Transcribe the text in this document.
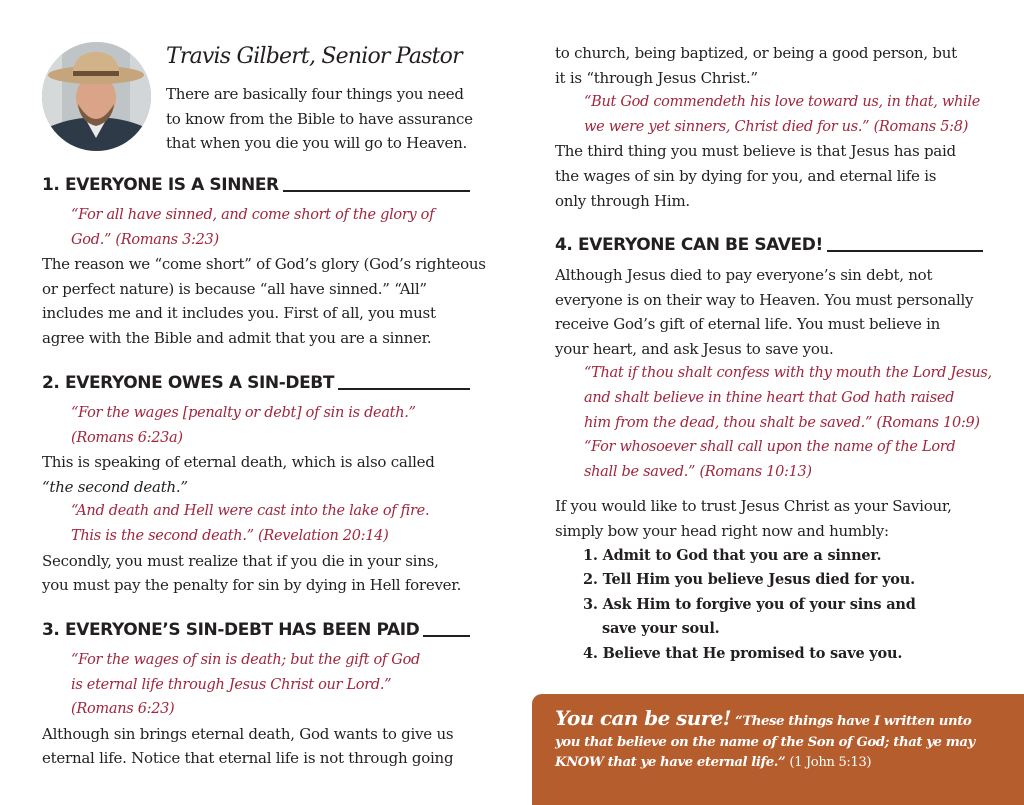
Travis Gilbert, Senior Pastor
There are basically four things you need
to know from the Bible to have assurance
that when you die you will go to Heaven.
1. EVERYONE IS A SINNER
“For all have sinned, and come short of the glory of
God.” (Romans 3:23)
The reason we “come short” of God’s glory (God’s righteous
or perfect nature) is because “all have sinned.” “All”
includes me and it includes you. First of all, you must
agree with the Bible and admit that you are a sinner.
2. EVERYONE OWES A SIN-DEBT
“For the wages [penalty or debt] of sin is death.”
(Romans 6:23a)
This is speaking of eternal death, which is also called
“the second death.”
“And death and Hell were cast into the lake of fire.
This is the second death.” (Revelation 20:14)
Secondly, you must realize that if you die in your sins,
you must pay the penalty for sin by dying in Hell forever.
3. EVERYONE’S SIN-DEBT HAS BEEN PAID
“For the wages of sin is death; but the gift of God
is eternal life through Jesus Christ our Lord.”
(Romans 6:23)
Although sin brings eternal death, God wants to give us
eternal life. Notice that eternal life is not through going
to church, being baptized, or being a good person, but
it is “through Jesus Christ.”
“But God commendeth his love toward us, in that, while
we were yet sinners, Christ died for us.” (Romans 5:8)
The third thing you must believe is that Jesus has paid
the wages of sin by dying for you, and eternal life is
only through Him.
4. EVERYONE CAN BE SAVED!
Although Jesus died to pay everyone’s sin debt, not
everyone is on their way to Heaven. You must personally
receive God’s gift of eternal life. You must believe in
your heart, and ask Jesus to save you.
“That if thou shalt confess with thy mouth the Lord Jesus,
and shalt believe in thine heart that God hath raised
him from the dead, thou shalt be saved.” (Romans 10:9)
“For whosoever shall call upon the name of the Lord
shall be saved.” (Romans 10:13)
If you would like to trust Jesus Christ as your Saviour,
simply bow your head right now and humbly:
1. Admit to God that you are a sinner.
2. Tell Him you believe Jesus died for you.
3. Ask Him to forgive you of your sins and
save your soul.
4. Believe that He promised to save you.
You can be sure! “These things have I written unto
you that believe on the name of the Son of God; that ye may
KNOW that ye have eternal life.” (1 John 5:13)
